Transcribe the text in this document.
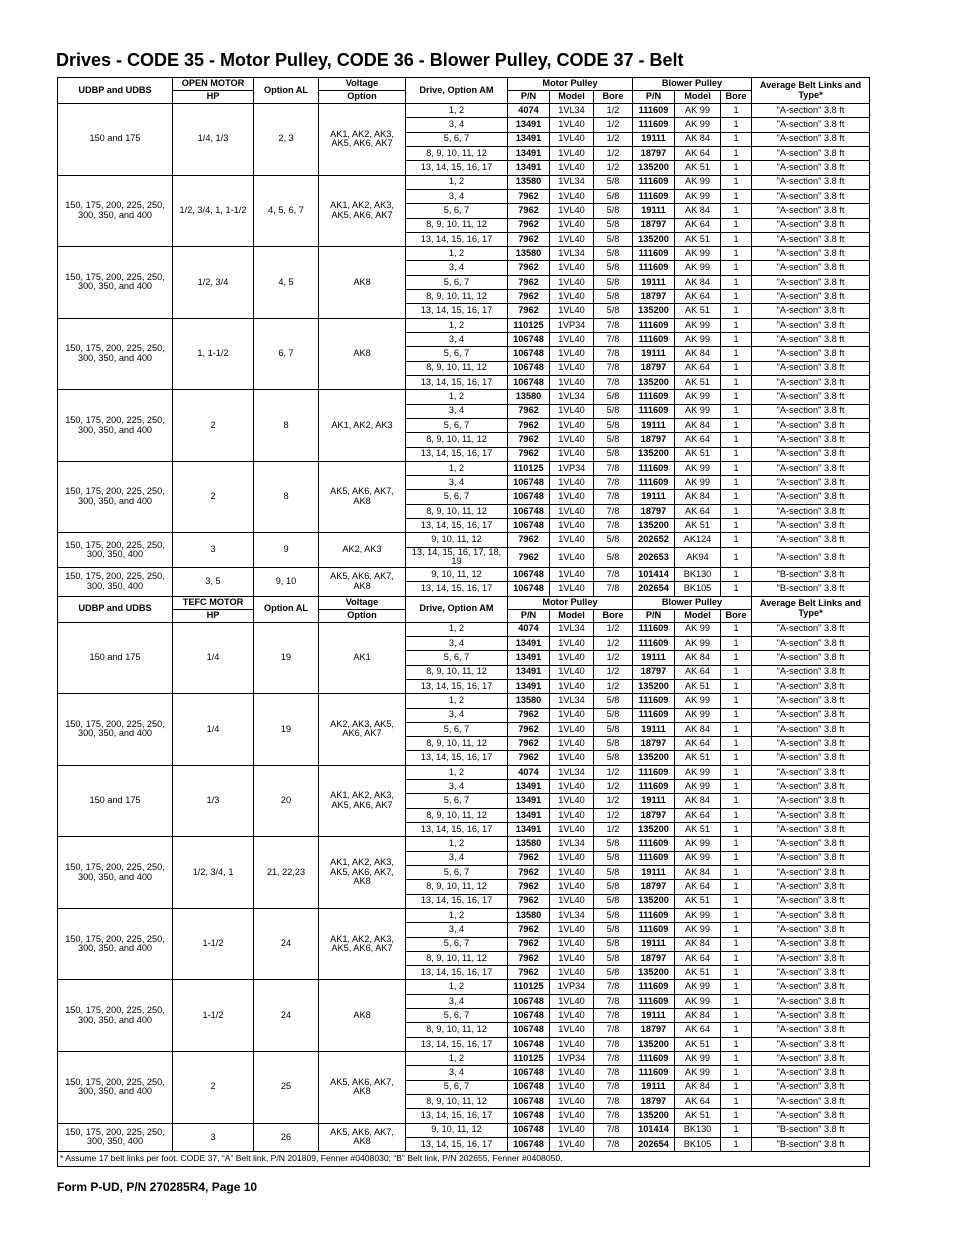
Drives - CODE 35 - Motor Pulley, CODE 36 - Blower Pulley, CODE 37 - Belt
UDBP and UDBS	OPEN MOTOR	Option AL	Voltage	Drive, Option AM	Motor Pulley			Blower Pulley			Average Belt Links and Type*
	HP		Option		P/N	Model	Bore	P/N	Model	Bore	
150 and 175	1/4, 1/3	2, 3	AK1, AK2, AK3, AK5, AK6, AK7	1, 2	4074	1VL34	1/2	111609	AK 99	1	"A-section" 3.8 ft
				3, 4	13491	1VL40	1/2	111609	AK 99	1	"A-section" 3.8 ft
				5, 6, 7	13491	1VL40	1/2	19111	AK 84	1	"A-section" 3.8 ft
				8, 9, 10, 11, 12	13491	1VL40	1/2	18797	AK 64	1	"A-section" 3.8 ft
				13, 14, 15, 16, 17	13491	1VL40	1/2	135200	AK 51	1	"A-section" 3.8 ft
150, 175, 200, 225, 250, 300, 350, and 400	1/2, 3/4, 1, 1-1/2	4, 5, 6, 7	AK1, AK2, AK3, AK5, AK6, AK7	1, 2	13580	1VL34	5/8	111609	AK 99	1	"A-section" 3.8 ft
				3, 4	7962	1VL40	5/8	111609	AK 99	1	"A-section" 3.8 ft
				5, 6, 7	7962	1VL40	5/8	19111	AK 84	1	"A-section" 3.8 ft
				8, 9, 10, 11, 12	7962	1VL40	5/8	18797	AK 64	1	"A-section" 3.8 ft
				13, 14, 15, 16, 17	7962	1VL40	5/8	135200	AK 51	1	"A-section" 3.8 ft
150, 175, 200, 225, 250, 300, 350, and 400	1/2, 3/4	4, 5	AK8	1, 2	13580	1VL34	5/8	111609	AK 99	1	"A-section" 3.8 ft
				3, 4	7962	1VL40	5/8	111609	AK 99	1	"A-section" 3.8 ft
				5, 6, 7	7962	1VL40	5/8	19111	AK 84	1	"A-section" 3.8 ft
				8, 9, 10, 11, 12	7962	1VL40	5/8	18797	AK 64	1	"A-section" 3.8 ft
				13, 14, 15, 16, 17	7962	1VL40	5/8	135200	AK 51	1	"A-section" 3.8 ft
150, 175, 200, 225, 250, 300, 350, and 400	1, 1-1/2	6, 7	AK8	1, 2	110125	1VP34	7/8	111609	AK 99	1	"A-section" 3.8 ft
				3, 4	106748	1VL40	7/8	111609	AK 99	1	"A-section" 3.8 ft
				5, 6, 7	106748	1VL40	7/8	19111	AK 84	1	"A-section" 3.8 ft
				8, 9, 10, 11, 12	106748	1VL40	7/8	18797	AK 64	1	"A-section" 3.8 ft
				13, 14, 15, 16, 17	106748	1VL40	7/8	135200	AK 51	1	"A-section" 3.8 ft
150, 175, 200, 225, 250, 300, 350, and 400	2	8	AK1, AK2, AK3	1, 2	13580	1VL34	5/8	111609	AK 99	1	"A-section" 3.8 ft
				3, 4	7962	1VL40	5/8	111609	AK 99	1	"A-section" 3.8 ft
				5, 6, 7	7962	1VL40	5/8	19111	AK 84	1	"A-section" 3.8 ft
				8, 9, 10, 11, 12	7962	1VL40	5/8	18797	AK 64	1	"A-section" 3.8 ft
				13, 14, 15, 16, 17	7962	1VL40	5/8	135200	AK 51	1	"A-section" 3.8 ft
150, 175, 200, 225, 250, 300, 350, and 400	2	8	AK5, AK6, AK7, AK8	1, 2	110125	1VP34	7/8	111609	AK 99	1	"A-section" 3.8 ft
				3, 4	106748	1VL40	7/8	111609	AK 99	1	"A-section" 3.8 ft
				5, 6, 7	106748	1VL40	7/8	19111	AK 84	1	"A-section" 3.8 ft
				8, 9, 10, 11, 12	106748	1VL40	7/8	18797	AK 64	1	"A-section" 3.8 ft
				13, 14, 15, 16, 17	106748	1VL40	7/8	135200	AK 51	1	"A-section" 3.8 ft
150, 175, 200, 225, 250, 300, 350, 400	3	9	AK2, AK3	9, 10, 11, 12	7962	1VL40	5/8	202652	AK124	1	"A-section" 3.8 ft
				13, 14, 15, 16, 17, 18, 19	7962	1VL40	5/8	202653	AK94	1	"A-section" 3.8 ft
150, 175, 200, 225, 250, 300, 350, 400	3, 5	9, 10	AK5, AK6, AK7, AK8	9, 10, 11, 12	106748	1VL40	7/8	101414	BK130	1	"B-section" 3.8 ft
				13, 14, 15, 16, 17	106748	1VL40	7/8	202654	BK105	1	"B-section" 3.8 ft
UDBP and UDBS	TEFC MOTOR	Option AL	Voltage	Drive, Option AM	Motor Pulley			Blower Pulley			Average Belt Links and Type*
	HP		Option		P/N	Model	Bore	P/N	Model	Bore	
150 and 175	1/4	19	AK1	1, 2	4074	1VL34	1/2	111609	AK 99	1	"A-section" 3.8 ft
				3, 4	13491	1VL40	1/2	111609	AK 99	1	"A-section" 3.8 ft
				5, 6, 7	13491	1VL40	1/2	19111	AK 84	1	"A-section" 3.8 ft
				8, 9, 10, 11, 12	13491	1VL40	1/2	18797	AK 64	1	"A-section" 3.8 ft
				13, 14, 15, 16, 17	13491	1VL40	1/2	135200	AK 51	1	"A-section" 3.8 ft
150, 175, 200, 225, 250, 300, 350, and 400	1/4	19	AK2, AK3, AK5, AK6, AK7	1, 2	13580	1VL34	5/8	111609	AK 99	1	"A-section" 3.8 ft
				3, 4	7962	1VL40	5/8	111609	AK 99	1	"A-section" 3.8 ft
				5, 6, 7	7962	1VL40	5/8	19111	AK 84	1	"A-section" 3.8 ft
				8, 9, 10, 11, 12	7962	1VL40	5/8	18797	AK 64	1	"A-section" 3.8 ft
				13, 14, 15, 16, 17	7962	1VL40	5/8	135200	AK 51	1	"A-section" 3.8 ft
150 and 175	1/3	20	AK1, AK2, AK3, AK5, AK6, AK7	1, 2	4074	1VL34	1/2	111609	AK 99	1	"A-section" 3.8 ft
				3, 4	13491	1VL40	1/2	111609	AK 99	1	"A-section" 3.8 ft
				5, 6, 7	13491	1VL40	1/2	19111	AK 84	1	"A-section" 3.8 ft
				8, 9, 10, 11, 12	13491	1VL40	1/2	18797	AK 64	1	"A-section" 3.8 ft
				13, 14, 15, 16, 17	13491	1VL40	1/2	135200	AK 51	1	"A-section" 3.8 ft
150, 175, 200, 225, 250, 300, 350, and 400	1/2, 3/4, 1	21, 22,23	AK1, AK2, AK3, AK5, AK6, AK7, AK8	1, 2	13580	1VL34	5/8	111609	AK 99	1	"A-section" 3.8 ft
				3, 4	7962	1VL40	5/8	111609	AK 99	1	"A-section" 3.8 ft
				5, 6, 7	7962	1VL40	5/8	19111	AK 84	1	"A-section" 3.8 ft
				8, 9, 10, 11, 12	7962	1VL40	5/8	18797	AK 64	1	"A-section" 3.8 ft
				13, 14, 15, 16, 17	7962	1VL40	5/8	135200	AK 51	1	"A-section" 3.8 ft
150, 175, 200, 225, 250, 300, 350, and 400	1-1/2	24	AK1, AK2, AK3, AK5, AK6, AK7	1, 2	13580	1VL34	5/8	111609	AK 99	1	"A-section" 3.8 ft
				3, 4	7962	1VL40	5/8	111609	AK 99	1	"A-section" 3.8 ft
				5, 6, 7	7962	1VL40	5/8	19111	AK 84	1	"A-section" 3.8 ft
				8, 9, 10, 11, 12	7962	1VL40	5/8	18797	AK 64	1	"A-section" 3.8 ft
				13, 14, 15, 16, 17	7962	1VL40	5/8	135200	AK 51	1	"A-section" 3.8 ft
150, 175, 200, 225, 250, 300, 350, and 400	1-1/2	24	AK8	1, 2	110125	1VP34	7/8	111609	AK 99	1	"A-section" 3.8 ft
				3, 4	106748	1VL40	7/8	111609	AK 99	1	"A-section" 3.8 ft
				5, 6, 7	106748	1VL40	7/8	19111	AK 84	1	"A-section" 3.8 ft
				8, 9, 10, 11, 12	106748	1VL40	7/8	18797	AK 64	1	"A-section" 3.8 ft
				13, 14, 15, 16, 17	106748	1VL40	7/8	135200	AK 51	1	"A-section" 3.8 ft
150, 175, 200, 225, 250, 300, 350, and 400	2	25	AK5, AK6, AK7, AK8	1, 2	110125	1VP34	7/8	111609	AK 99	1	"A-section" 3.8 ft
				3, 4	106748	1VL40	7/8	111609	AK 99	1	"A-section" 3.8 ft
				5, 6, 7	106748	1VL40	7/8	19111	AK 84	1	"A-section" 3.8 ft
				8, 9, 10, 11, 12	106748	1VL40	7/8	18797	AK 64	1	"A-section" 3.8 ft
				13, 14, 15, 16, 17	106748	1VL40	7/8	135200	AK 51	1	"A-section" 3.8 ft
150, 175, 200, 225, 250, 300, 350, 400	3	26	AK5, AK6, AK7, AK8	9, 10, 11, 12	106748	1VL40	7/8	101414	BK130	1	"B-section" 3.8 ft
				13, 14, 15, 16, 17	106748	1VL40	7/8	202654	BK105	1	"B-section" 3.8 ft
* Assume 17 belt links per foot. CODE 37, “A” Belt link, P/N 201809, Fenner #0408030; “B” Belt link, P/N 202655, Fenner #0408050.											
Form P-UD, P/N 270285R4, Page 10
